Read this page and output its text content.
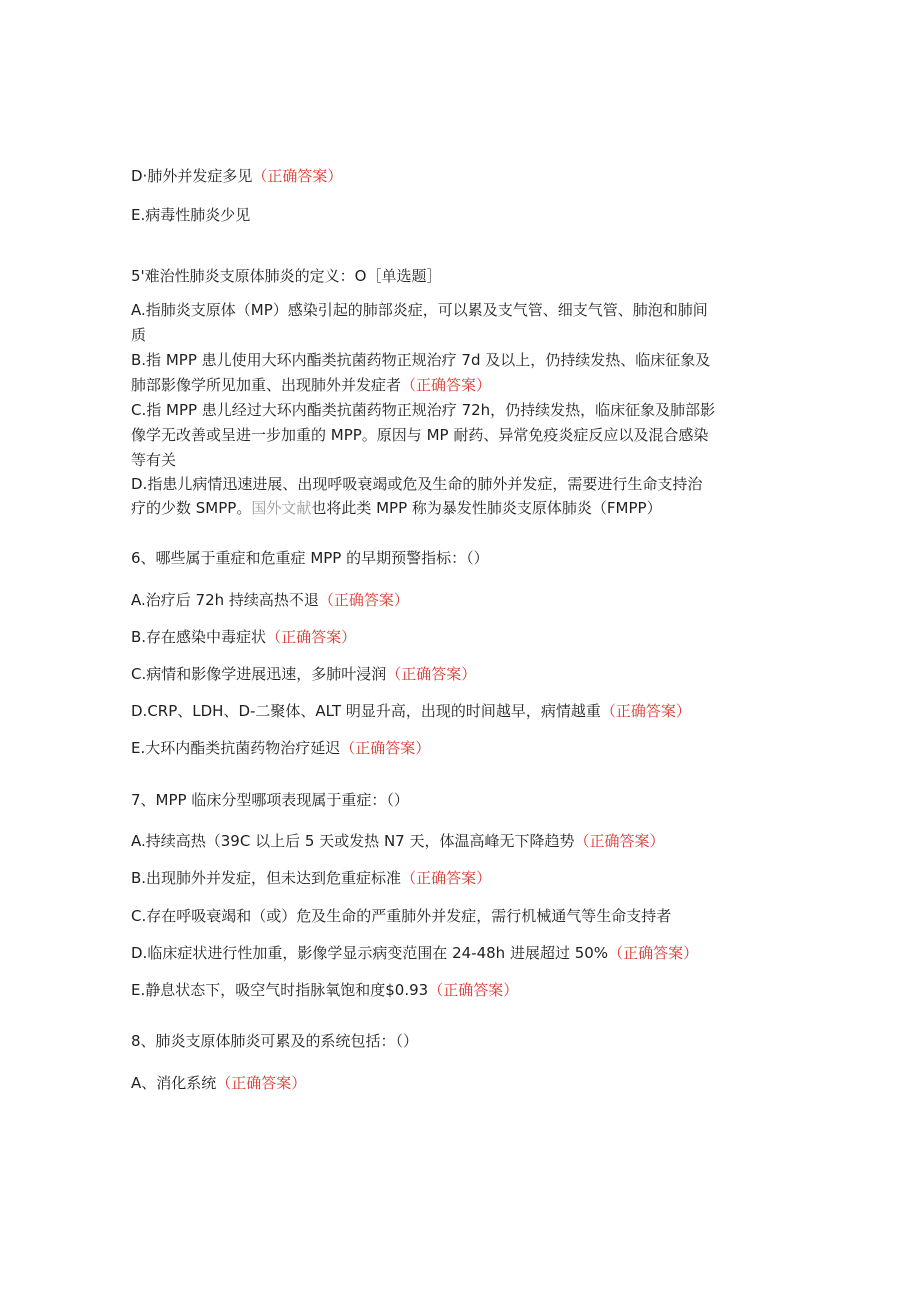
D·肺外并发症多见（正确答案）
E.病毒性肺炎少见
5'难治性肺炎支原体肺炎的定义：O［单选题］
A.指肺炎支原体（MP）感染引起的肺部炎症，可以累及支气管、细支气管、肺泡和肺间
质
B.指 MPP 患儿使用大环内酯类抗菌药物正规治疗 7d 及以上，仍持续发热、临床征象及
肺部影像学所见加重、出现肺外并发症者（正确答案）
C.指 MPP 患儿经过大环内酯类抗菌药物正规治疗 72h，仍持续发热，临床征象及肺部影
像学无改善或呈进一步加重的 MPP。原因与 MP 耐药、异常免疫炎症反应以及混合感染
等有关
D.指患儿病情迅速进展、出现呼吸衰竭或危及生命的肺外并发症，需要进行生命支持治
疗的少数 SMPP。国外文献也将此类 MPP 称为暴发性肺炎支原体肺炎（FMPP）
6、哪些属于重症和危重症 MPP 的早期预警指标：（）
A.治疗后 72h 持续高热不退（正确答案）
B.存在感染中毒症状（正确答案）
C.病情和影像学进展迅速，多肺叶浸润（正确答案）
D.CRP、LDH、D-二聚体、ALT 明显升高，出现的时间越早，病情越重（正确答案）
E.大环内酯类抗菌药物治疗延迟（正确答案）
7、MPP 临床分型哪项表现属于重症：（）
A.持续高热（39C 以上后 5 天或发热 N7 天，体温高峰无下降趋势（正确答案）
B.出现肺外并发症，但未达到危重症标准（正确答案）
C.存在呼吸衰竭和（或）危及生命的严重肺外并发症，需行机械通气等生命支持者
D.临床症状进行性加重，影像学显示病变范围在 24-48h 进展超过 50%（正确答案）
E.静息状态下，吸空气时指脉氧饱和度$0.93（正确答案）
8、肺炎支原体肺炎可累及的系统包括：（）
A、消化系统（正确答案）
